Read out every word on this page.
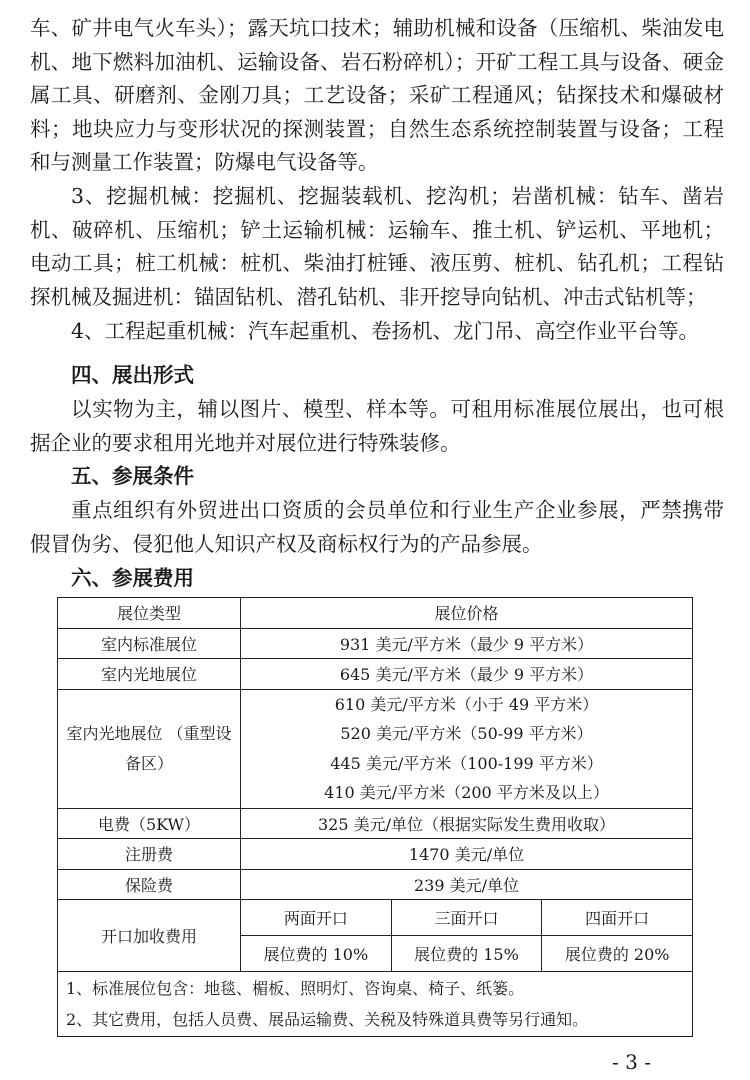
车、矿井电气火车头）；露天坑口技术；辅助机械和设备（压缩机、柴油发电机、地下燃料加油机、运输设备、岩石粉碎机）；开矿工程工具与设备、硬金属工具、研磨剂、金刚刀具；工艺设备；采矿工程通风；钻探技术和爆破材料；地块应力与变形状况的探测装置；自然生态系统控制装置与设备；工程和与测量工作装置；防爆电气设备等。

3、挖掘机械：挖掘机、挖掘装载机、挖沟机；岩凿机械：钻车、凿岩机、破碎机、压缩机；铲土运输机械：运输车、推土机、铲运机、平地机；电动工具；桩工机械：桩机、柴油打桩锤、液压剪、桩机、钻孔机；工程钻探机械及掘进机：锚固钻机、潜孔钻机、非开挖导向钻机、冲击式钻机等；

4、工程起重机械：汽车起重机、卷扬机、龙门吊、高空作业平台等。

四、展出形式

以实物为主，辅以图片、模型、样本等。可租用标准展位展出，也可根据企业的要求租用光地并对展位进行特殊装修。

五、参展条件

重点组织有外贸进出口资质的会员单位和行业生产企业参展，严禁携带假冒伪劣、侵犯他人知识产权及商标权行为的产品参展。

六、参展费用
展位类型	展位价格		
室内标准展位	931 美元/平方米（最少 9 平方米）		
室内光地展位	645 美元/平方米（最少 9 平方米）		
室内光地展位 （重型设备区）	610 美元/平方米（小于 49 平方米）
520 美元/平方米（50-99 平方米）
445 美元/平方米（100-199 平方米）
410 美元/平方米（200 平方米及以上）		

电费（5KW）	325 美元/单位（根据实际发生费用收取）		
注册费	1470 美元/单位		
保险费	239 美元/单位		
开口加收费用	两面开口	三面开口	四面开口
	展位费的 10%	展位费的 15%	展位费的 20%

1、标准展位包含：地毯、楣板、照明灯、咨询桌、椅子、纸篓。
2、其它费用，包括人员费、展品运输费、关税及特殊道具费等另行通知。			
- 3 -
